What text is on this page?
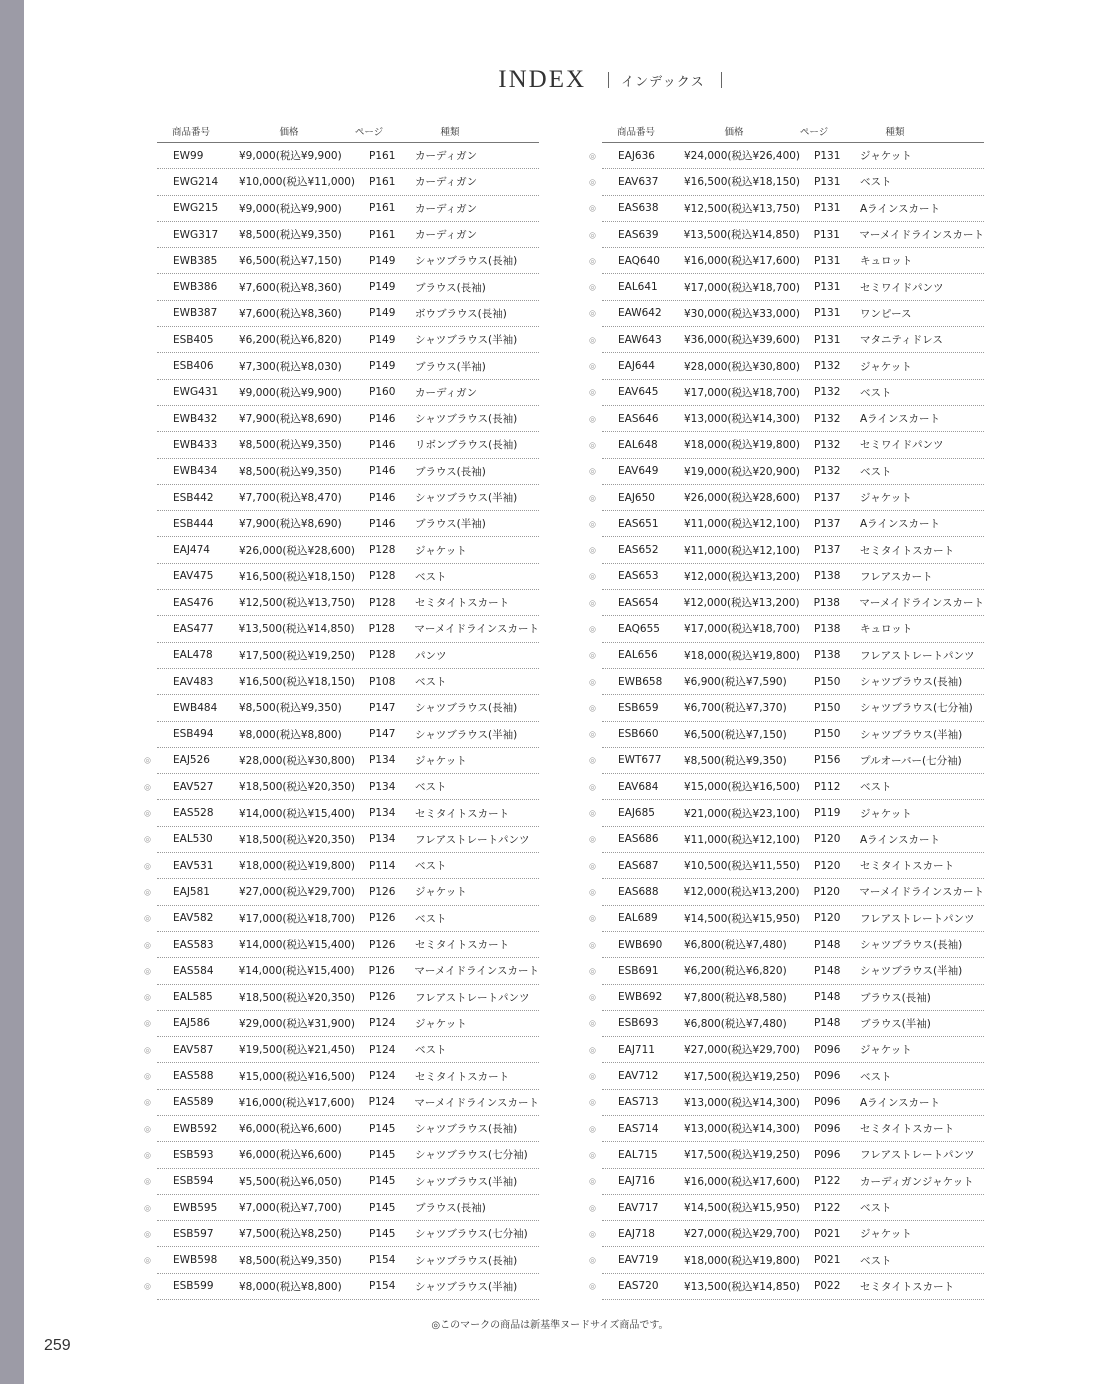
INDEX	インデックス
商品番号	価格	ページ	種類
EW99	¥9,000(税込¥9,900)	P161	カーディガン
EWG214	¥10,000(税込¥11,000)	P161	カーディガン
EWG215	¥9,000(税込¥9,900)	P161	カーディガン
EWG317	¥8,500(税込¥9,350)	P161	カーディガン
EWB385	¥6,500(税込¥7,150)	P149	シャツブラウス(長袖)
EWB386	¥7,600(税込¥8,360)	P149	ブラウス(長袖)
EWB387	¥7,600(税込¥8,360)	P149	ボウブラウス(長袖)
ESB405	¥6,200(税込¥6,820)	P149	シャツブラウス(半袖)
ESB406	¥7,300(税込¥8,030)	P149	ブラウス(半袖)
EWG431	¥9,000(税込¥9,900)	P160	カーディガン
EWB432	¥7,900(税込¥8,690)	P146	シャツブラウス(長袖)
EWB433	¥8,500(税込¥9,350)	P146	リボンブラウス(長袖)
EWB434	¥8,500(税込¥9,350)	P146	ブラウス(長袖)
ESB442	¥7,700(税込¥8,470)	P146	シャツブラウス(半袖)
ESB444	¥7,900(税込¥8,690)	P146	ブラウス(半袖)
EAJ474	¥26,000(税込¥28,600)	P128	ジャケット
EAV475	¥16,500(税込¥18,150)	P128	ベスト
EAS476	¥12,500(税込¥13,750)	P128	セミタイトスカート
EAS477	¥13,500(税込¥14,850)	P128	マーメイドラインスカート
EAL478	¥17,500(税込¥19,250)	P128	パンツ
EAV483	¥16,500(税込¥18,150)	P108	ベスト
EWB484	¥8,500(税込¥9,350)	P147	シャツブラウス(長袖)
ESB494	¥8,000(税込¥8,800)	P147	シャツブラウス(半袖)
◎	EAJ526	¥28,000(税込¥30,800)	P134	ジャケット
◎	EAV527	¥18,500(税込¥20,350)	P134	ベスト
◎	EAS528	¥14,000(税込¥15,400)	P134	セミタイトスカート
◎	EAL530	¥18,500(税込¥20,350)	P134	フレアストレートパンツ
◎	EAV531	¥18,000(税込¥19,800)	P114	ベスト
◎	EAJ581	¥27,000(税込¥29,700)	P126	ジャケット
◎	EAV582	¥17,000(税込¥18,700)	P126	ベスト
◎	EAS583	¥14,000(税込¥15,400)	P126	セミタイトスカート
◎	EAS584	¥14,000(税込¥15,400)	P126	マーメイドラインスカート
◎	EAL585	¥18,500(税込¥20,350)	P126	フレアストレートパンツ
◎	EAJ586	¥29,000(税込¥31,900)	P124	ジャケット
◎	EAV587	¥19,500(税込¥21,450)	P124	ベスト
◎	EAS588	¥15,000(税込¥16,500)	P124	セミタイトスカート
◎	EAS589	¥16,000(税込¥17,600)	P124	マーメイドラインスカート
◎	EWB592	¥6,000(税込¥6,600)	P145	シャツブラウス(長袖)
◎	ESB593	¥6,000(税込¥6,600)	P145	シャツブラウス(七分袖)
◎	ESB594	¥5,500(税込¥6,050)	P145	シャツブラウス(半袖)
◎	EWB595	¥7,000(税込¥7,700)	P145	ブラウス(長袖)
◎	ESB597	¥7,500(税込¥8,250)	P145	シャツブラウス(七分袖)
◎	EWB598	¥8,500(税込¥9,350)	P154	シャツブラウス(長袖)
◎	ESB599	¥8,000(税込¥8,800)	P154	シャツブラウス(半袖)
商品番号	価格	ページ	種類
◎	EAJ636	¥24,000(税込¥26,400)	P131	ジャケット
◎	EAV637	¥16,500(税込¥18,150)	P131	ベスト
◎	EAS638	¥12,500(税込¥13,750)	P131	Aラインスカート
◎	EAS639	¥13,500(税込¥14,850)	P131	マーメイドラインスカート
◎	EAQ640	¥16,000(税込¥17,600)	P131	キュロット
◎	EAL641	¥17,000(税込¥18,700)	P131	セミワイドパンツ
◎	EAW642	¥30,000(税込¥33,000)	P131	ワンピース
◎	EAW643	¥36,000(税込¥39,600)	P131	マタニティドレス
◎	EAJ644	¥28,000(税込¥30,800)	P132	ジャケット
◎	EAV645	¥17,000(税込¥18,700)	P132	ベスト
◎	EAS646	¥13,000(税込¥14,300)	P132	Aラインスカート
◎	EAL648	¥18,000(税込¥19,800)	P132	セミワイドパンツ
◎	EAV649	¥19,000(税込¥20,900)	P132	ベスト
◎	EAJ650	¥26,000(税込¥28,600)	P137	ジャケット
◎	EAS651	¥11,000(税込¥12,100)	P137	Aラインスカート
◎	EAS652	¥11,000(税込¥12,100)	P137	セミタイトスカート
◎	EAS653	¥12,000(税込¥13,200)	P138	フレアスカート
◎	EAS654	¥12,000(税込¥13,200)	P138	マーメイドラインスカート
◎	EAQ655	¥17,000(税込¥18,700)	P138	キュロット
◎	EAL656	¥18,000(税込¥19,800)	P138	フレアストレートパンツ
◎	EWB658	¥6,900(税込¥7,590)	P150	シャツブラウス(長袖)
◎	ESB659	¥6,700(税込¥7,370)	P150	シャツブラウス(七分袖)
◎	ESB660	¥6,500(税込¥7,150)	P150	シャツブラウス(半袖)
◎	EWT677	¥8,500(税込¥9,350)	P156	プルオーバー(七分袖)
◎	EAV684	¥15,000(税込¥16,500)	P112	ベスト
◎	EAJ685	¥21,000(税込¥23,100)	P119	ジャケット
◎	EAS686	¥11,000(税込¥12,100)	P120	Aラインスカート
◎	EAS687	¥10,500(税込¥11,550)	P120	セミタイトスカート
◎	EAS688	¥12,000(税込¥13,200)	P120	マーメイドラインスカート
◎	EAL689	¥14,500(税込¥15,950)	P120	フレアストレートパンツ
◎	EWB690	¥6,800(税込¥7,480)	P148	シャツブラウス(長袖)
◎	ESB691	¥6,200(税込¥6,820)	P148	シャツブラウス(半袖)
◎	EWB692	¥7,800(税込¥8,580)	P148	ブラウス(長袖)
◎	ESB693	¥6,800(税込¥7,480)	P148	ブラウス(半袖)
◎	EAJ711	¥27,000(税込¥29,700)	P096	ジャケット
◎	EAV712	¥17,500(税込¥19,250)	P096	ベスト
◎	EAS713	¥13,000(税込¥14,300)	P096	Aラインスカート
◎	EAS714	¥13,000(税込¥14,300)	P096	セミタイトスカート
◎	EAL715	¥17,500(税込¥19,250)	P096	フレアストレートパンツ
◎	EAJ716	¥16,000(税込¥17,600)	P122	カーディガンジャケット
◎	EAV717	¥14,500(税込¥15,950)	P122	ベスト
◎	EAJ718	¥27,000(税込¥29,700)	P021	ジャケット
◎	EAV719	¥18,000(税込¥19,800)	P021	ベスト
◎	EAS720	¥13,500(税込¥14,850)	P022	セミタイトスカート
◎このマークの商品は新基準ヌードサイズ商品です。
259
